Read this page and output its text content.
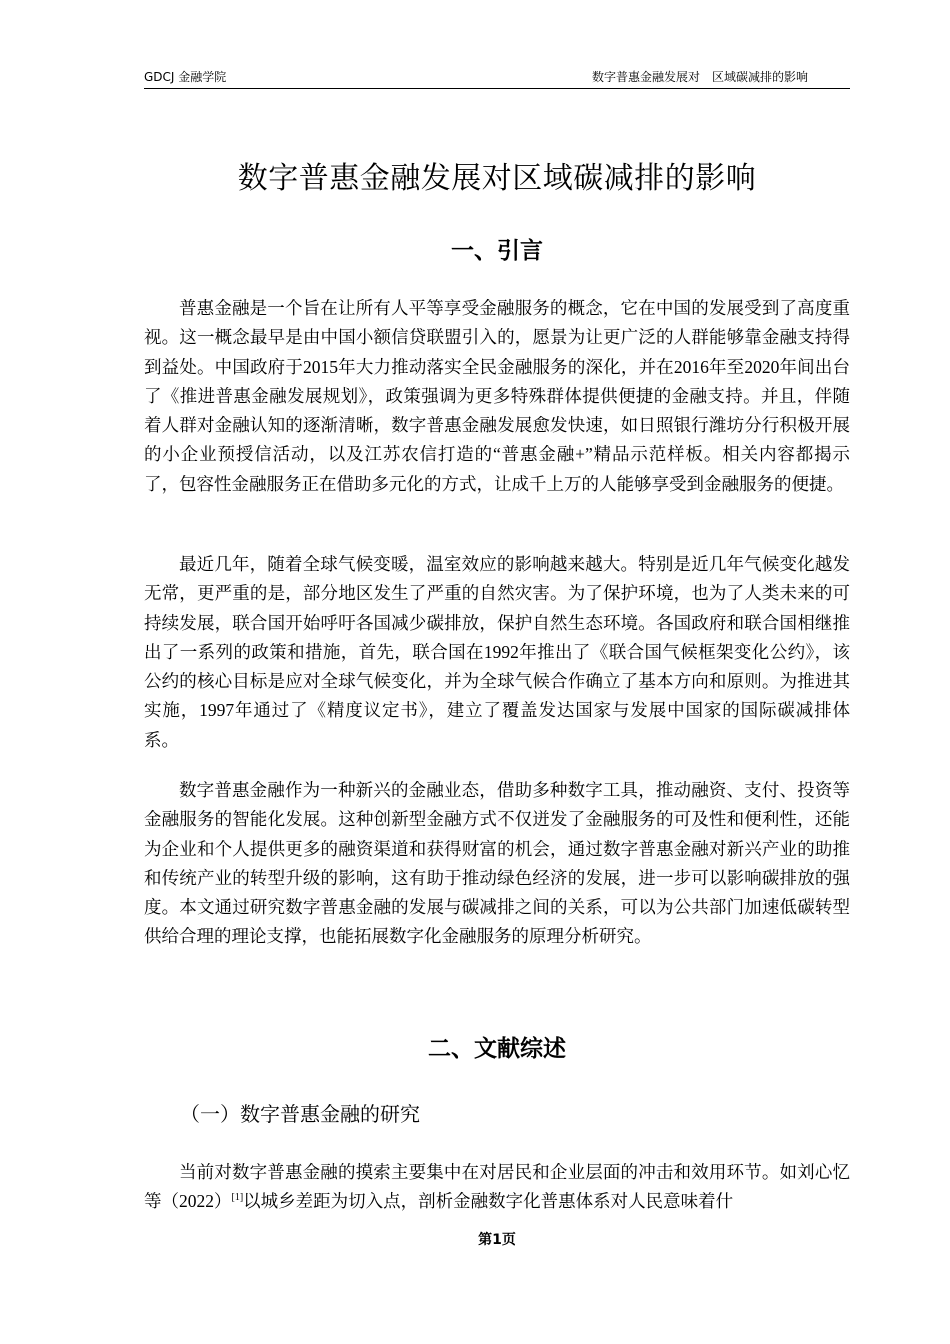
GDCJ 金融学院	数字普惠金融发展对　区域碳减排的影响
数字普惠金融发展对区域碳减排的影响
一、引言

普惠金融是一个旨在让所有人平等享受金融服务的概念，它在中国的发展受到了高度重视。这一概念最早是由中国小额信贷联盟引入的，愿景为让更广泛的人群能够靠金融支持得到益处。中国政府于2015年大力推动落实全民金融服务的深化，并在2016年至2020年间出台了《推进普惠金融发展规划》，政策强调为更多特殊群体提供便捷的金融支持。并且，伴随着人群对金融认知的逐渐清晰，数字普惠金融发展愈发快速，如日照银行潍坊分行积极开展的小企业预授信活动，以及江苏农信打造的“普惠金融+”精品示范样板。相关内容都揭示了，包容性金融服务正在借助多元化的方式，让成千上万的人能够享受到金融服务的便捷。

最近几年，随着全球气候变暖，温室效应的影响越来越大。特别是近几年气候变化越发无常，更严重的是，部分地区发生了严重的自然灾害。为了保护环境，也为了人类未来的可持续发展，联合国开始呼吁各国减少碳排放，保护自然生态环境。各国政府和联合国相继推出了一系列的政策和措施，首先，联合国在1992年推出了《联合国气候框架变化公约》，该公约的核心目标是应对全球气候变化，并为全球气候合作确立了基本方向和原则。为推进其实施，1997年通过了《精度议定书》，建立了覆盖发达国家与发展中国家的国际碳减排体系。

数字普惠金融作为一种新兴的金融业态，借助多种数字工具，推动融资、支付、投资等金融服务的智能化发展。这种创新型金融方式不仅迸发了金融服务的可及性和便利性，还能为企业和个人提供更多的融资渠道和获得财富的机会，通过数字普惠金融对新兴产业的助推和传统产业的转型升级的影响，这有助于推动绿色经济的发展，进一步可以影响碳排放的强度。本文通过研究数字普惠金融的发展与碳减排之间的关系，可以为公共部门加速低碳转型供给合理的理论支撑，也能拓展数字化金融服务的原理分析研究。

二、文献综述
（一）数字普惠金融的研究

当前对数字普惠金融的摸索主要集中在对居民和企业层面的冲击和效用环节。如刘心忆等（2022）[1]以城乡差距为切入点，剖析金融数字化普惠体系对人民意味着什

第1页
